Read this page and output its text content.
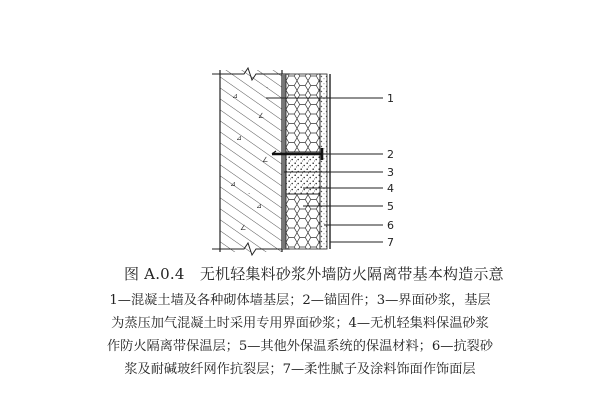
⊿
∠
⊿
∠
⊿
⊿
∠
·
·
1
2
3
4
5
6
7
图 A.0.4　无机轻集料砂浆外墙防火隔离带基本构造示意
1—混凝土墙及各种砌体墙基层；2—锚固件；3—界面砂浆，基层
为蒸压加气混凝土时采用专用界面砂浆；4—无机轻集料保温砂浆
作防火隔离带保温层；5—其他外保温系统的保温材料；6—抗裂砂
浆及耐碱玻纤网作抗裂层；7—柔性腻子及涂料饰面作饰面层
